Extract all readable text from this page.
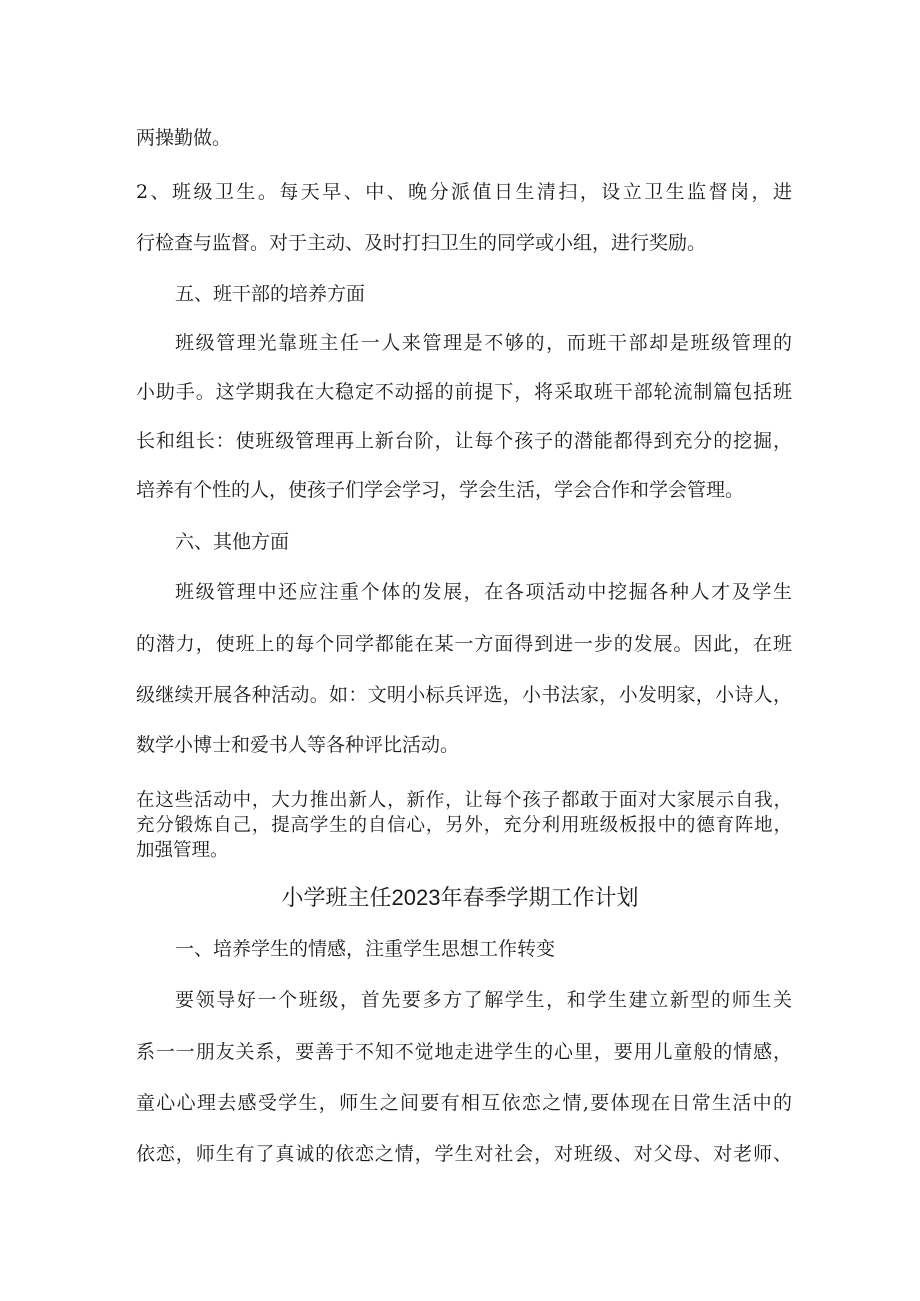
两操勤做。
2、班级卫生。每天早、中、晚分派值日生清扫，设立卫生监督岗，进
行检查与监督。对于主动、及时打扫卫生的同学或小组，进行奖励。
五、班干部的培养方面
班级管理光靠班主任一人来管理是不够的，而班干部却是班级管理的
小助手。这学期我在大稳定不动摇的前提下，将采取班干部轮流制篇包括班
长和组长：使班级管理再上新台阶，让每个孩子的潜能都得到充分的挖掘，
培养有个性的人，使孩子们学会学习，学会生活，学会合作和学会管理。
六、其他方面
班级管理中还应注重个体的发展，在各项活动中挖掘各种人才及学生
的潜力，使班上的每个同学都能在某一方面得到进一步的发展。因此，在班
级继续开展各种活动。如：文明小标兵评选，小书法家，小发明家，小诗人，
数学小博士和爱书人等各种评比活动。
在这些活动中，大力推出新人，新作，让每个孩子都敢于面对大家展示自我，
充分锻炼自己，提高学生的自信心，另外，充分利用班级板报中的德育阵地，
加强管理。
小学班主任2023年春季学期工作计划
一、培养学生的情感，注重学生思想工作转变
要领导好一个班级，首先要多方了解学生，和学生建立新型的师生关
系一一朋友关系，要善于不知不觉地走进学生的心里，要用儿童般的情感，
童心心理去感受学生，师生之间要有相互依恋之情,要体现在日常生活中的
依恋，师生有了真诚的依恋之情，学生对社会，对班级、对父母、对老师、
